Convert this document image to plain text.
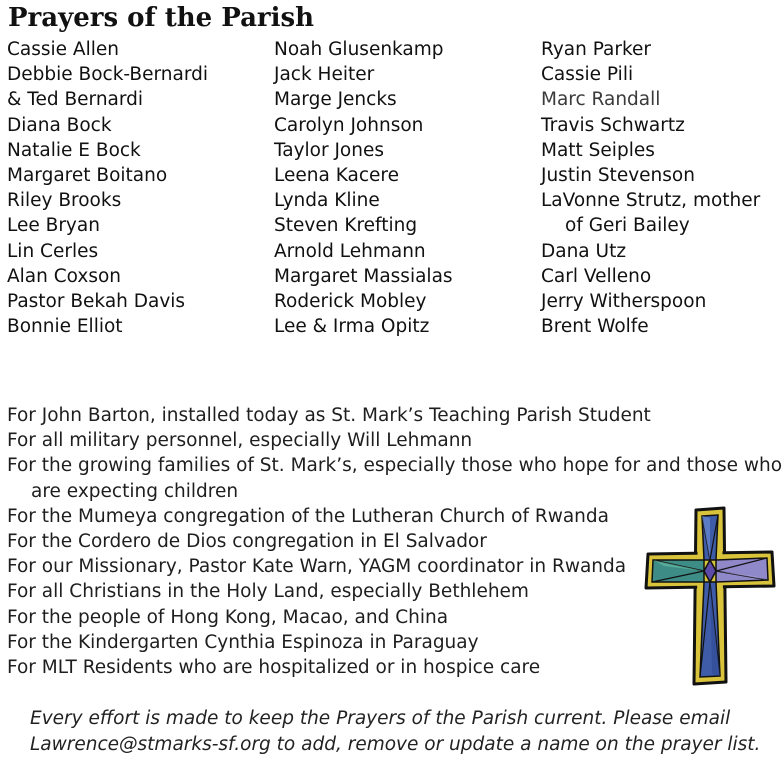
Prayers of the Parish
Cassie Allen
Debbie Bock-Bernardi
& Ted Bernardi
Diana Bock
Natalie E Bock
Margaret Boitano
Riley Brooks
Lee Bryan
Lin Cerles
Alan Coxson
Pastor Bekah Davis
Bonnie Elliot
Noah Glusenkamp
Jack Heiter
Marge Jencks
Carolyn Johnson
Taylor Jones
Leena Kacere
Lynda Kline
Steven Krefting
Arnold Lehmann
Margaret Massialas
Roderick Mobley
Lee & Irma Opitz
Ryan Parker
Cassie Pili
Marc Randall
Travis Schwartz
Matt Seiples
Justin Stevenson
LaVonne Strutz, mother
of Geri Bailey
Dana Utz
Carl Velleno
Jerry Witherspoon
Brent Wolfe
For John Barton, installed today as St. Mark’s Teaching Parish Student
For all military personnel, especially Will Lehmann
For the growing families of St. Mark’s, especially those who hope for and those who
are expecting children
For the Mumeya congregation of the Lutheran Church of Rwanda
For the Cordero de Dios congregation in El Salvador
For our Missionary, Pastor Kate Warn, YAGM coordinator in Rwanda
For all Christians in the Holy Land, especially Bethlehem
For the people of Hong Kong, Macao, and China
For the Kindergarten Cynthia Espinoza in Paraguay
For MLT Residents who are hospitalized or in hospice care
Every effort is made to keep the Prayers of the Parish current. Please email
Lawrence@stmarks-sf.org to add, remove or update a name on the prayer list.
